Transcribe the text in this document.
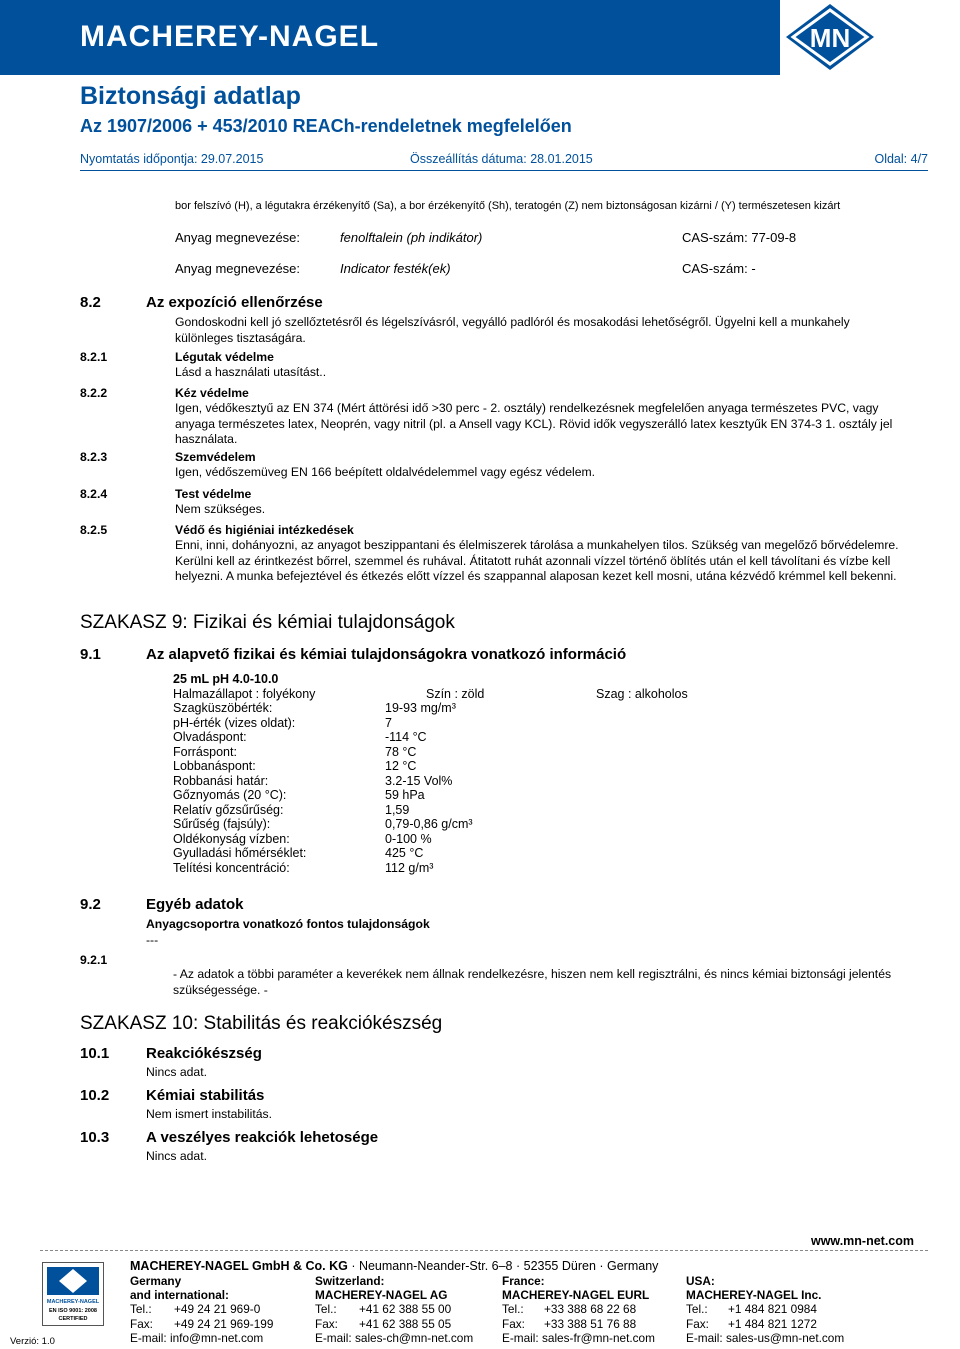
MACHEREY-NAGEL	MN
Biztonsági adatlap
Az 1907/2006 + 453/2010 REACh-rendeletnek megfelelően
Nyomtatás időpontja: 29.07.2015	Összeállítás dátuma: 28.01.2015	Oldal: 4/7
bor felszívó (H), a légutakra érzékenyítő (Sa), a bor érzékenyítő (Sh), teratogén (Z) nem biztonságosan kizárni / (Y) természetesen kizárt
Anyag megnevezése:	fenolftalein (ph indikátor)	CAS-szám: 77-09-8
Anyag megnevezése:	Indicator festék(ek)	CAS-szám: -
8.2	Az expozíció ellenőrzése
Gondoskodni kell jó szellőztetésről és légelszívásról, vegyálló padlóról és mosakodási lehetőségről. Ügyelni kell a munkahely különleges tisztaságára.
8.2.1	Légutak védelme
Lásd a használati utasítást..
8.2.2	Kéz védelme
Igen, védőkesztyű az EN 374 (Mért áttörési idő >30 perc - 2. osztály) rendelkezésnek megfelelően anyaga természetes PVC, vagy anyaga természetes latex, Neoprén, vagy nitril (pl. a Ansell vagy KCL). Rövid idők vegyszerálló latex kesztyűk EN 374-3 1. osztály jel használata.
8.2.3	Szemvédelem
Igen, védőszemüveg EN 166 beépített oldalvédelemmel vagy egész védelem.
8.2.4	Test védelme
Nem szükséges.
8.2.5	Védő és higiéniai intézkedések
Enni, inni, dohányozni, az anyagot beszippantani és élelmiszerek tárolása a munkahelyen tilos. Szükség van megelőző bőrvédelemre. Kerülni kell az érintkezést bőrrel, szemmel és ruhával. Átitatott ruhát azonnali vízzel történő öblítés után el kell távolítani és vízbe kell helyezni. A munka befejeztével és étkezés előtt vízzel és szappannal alaposan kezet kell mosni, utána kézvédő krémmel kell bekenni.
SZAKASZ 9: Fizikai és kémiai tulajdonságok
9.1	Az alapvető fizikai és kémiai tulajdonságokra vonatkozó információ
25 mL pH 4.0-10.0
Halmazállapot : folyékony	Szín : zöld	Szag : alkoholos
Szagküszöbérték:	19-93 mg/m³
pH-érték (vizes oldat):	7
Olvadáspont:	-114 °C
Forráspont:	78 °C
Lobbanáspont:	12 °C
Robbanási határ:	3.2-15 Vol%
Gőznyomás (20 °C):	59 hPa
Relatív gőzsűrűség:	1,59
Sűrűség (fajsúly):	0,79-0,86 g/cm³
Oldékonyság vízben:	0-100 %
Gyulladási hőmérséklet:	425 °C
Telítési koncentráció:	112 g/m³
9.2	Egyéb adatok
Anyagcsoportra vonatkozó fontos tulajdonságok
---
9.2.1
- Az adatok a többi paraméter a keverékek nem állnak rendelkezésre, hiszen nem kell regisztrálni, és nincs kémiai biztonsági jelentés szükségessége. -
SZAKASZ 10: Stabilitás és reakciókészség
10.1 Reakciókészség
Nincs adat.
10.2 Kémiai stabilitás
Nem ismert instabilitás.
10.3 A veszélyes reakciók lehetosége
Nincs adat.
www.mn-net.com
MACHEREY-NAGEL GmbH & Co. KG · Neumann-Neander-Str. 6–8 · 52355 Düren · Germany
MACHEREY-NAGEL
EN ISO 9001: 2008
CERTIFIED
Verzió: 1.0
Germany
and international:
Tel.: +49 24 21 969-0
Fax: +49 24 21 969-199
E-mail: info@mn-net.com
Switzerland:
MACHEREY-NAGEL AG
Tel.: +41 62 388 55 00
Fax: +41 62 388 55 05
E-mail: sales-ch@mn-net.com
France:
MACHEREY-NAGEL EURL
Tel.: +33 388 68 22 68
Fax: +33 388 51 76 88
E-mail: sales-fr@mn-net.com
USA:
MACHEREY-NAGEL Inc.
Tel.: +1 484 821 0984
Fax: +1 484 821 1272
E-mail: sales-us@mn-net.com
